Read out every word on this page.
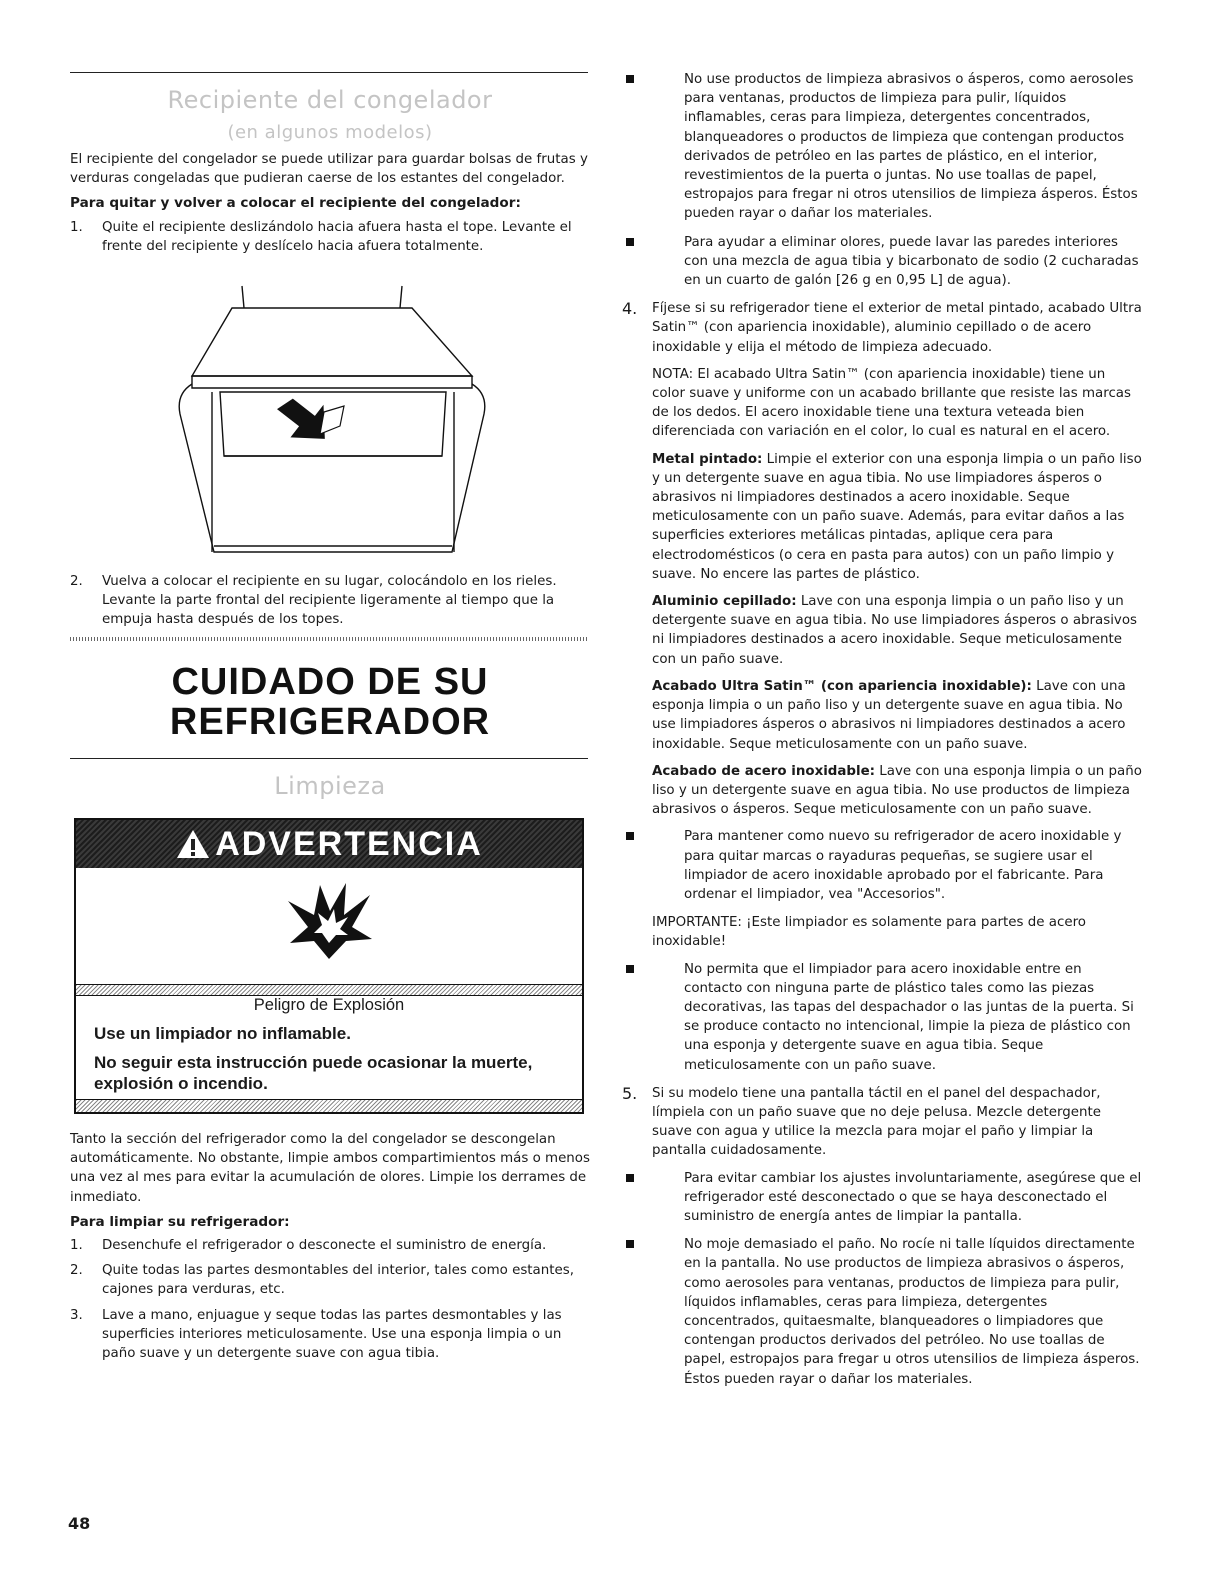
Recipiente del congelador
(en algunos modelos)

El recipiente del congelador se puede utilizar para guardar bolsas de frutas y verduras congeladas que pudieran caerse de los estantes del congelador.

Para quitar y volver a colocar el recipiente del congelador:

1. Quite el recipiente deslizándolo hacia afuera hasta el tope. Levante el frente del recipiente y deslícelo hacia afuera totalmente.
2. Vuelva a colocar el recipiente en su lugar, colocándolo en los rieles. Levante la parte frontal del recipiente ligeramente al tiempo que la empuja hasta después de los topes.
CUIDADO DE SU
REFRIGERADOR
Limpieza
ADVERTENCIA

Peligro de Explosión

Use un limpiador no inflamable.

No seguir esta instrucción puede ocasionar la muerte, explosión o incendio.

Tanto la sección del refrigerador como la del congelador se descongelan automáticamente. No obstante, limpie ambos compartimientos más o menos una vez al mes para evitar la acumulación de olores. Limpie los derrames de inmediato.

Para limpiar su refrigerador:

1. Desenchufe el refrigerador o desconecte el suministro de energía.
2. Quite todas las partes desmontables del interior, tales como estantes, cajones para verduras, etc.
3. Lave a mano, enjuague y seque todas las partes desmontables y las superficies interiores meticulosamente. Use una esponja limpia o un paño suave y un detergente suave con agua tibia.
48
No use productos de limpieza abrasivos o ásperos, como aerosoles para ventanas, productos de limpieza para pulir, líquidos inflamables, ceras para limpieza, detergentes concentrados, blanqueadores o productos de limpieza que contengan productos derivados de petróleo en las partes de plástico, en el interior, revestimientos de la puerta o juntas. No use toallas de papel, estropajos para fregar ni otros utensilios de limpieza ásperos. Éstos pueden rayar o dañar los materiales.
Para ayudar a eliminar olores, puede lavar las paredes interiores con una mezcla de agua tibia y bicarbonato de sodio (2 cucharadas en un cuarto de galón [26 g en 0,95 L] de agua).
4. Fíjese si su refrigerador tiene el exterior de metal pintado, acabado Ultra Satin™ (con apariencia inoxidable), aluminio cepillado o de acero inoxidable y elija el método de limpieza adecuado.

NOTA: El acabado Ultra Satin™ (con apariencia inoxidable) tiene un color suave y uniforme con un acabado brillante que resiste las marcas de los dedos. El acero inoxidable tiene una textura veteada bien diferenciada con variación en el color, lo cual es natural en el acero.

Metal pintado: Limpie el exterior con una esponja limpia o un paño liso y un detergente suave en agua tibia. No use limpiadores ásperos o abrasivos ni limpiadores destinados a acero inoxidable. Seque meticulosamente con un paño suave. Además, para evitar daños a las superficies exteriores metálicas pintadas, aplique cera para electrodomésticos (o cera en pasta para autos) con un paño limpio y suave. No encere las partes de plástico.

Aluminio cepillado: Lave con una esponja limpia o un paño liso y un detergente suave en agua tibia. No use limpiadores ásperos o abrasivos ni limpiadores destinados a acero inoxidable. Seque meticulosamente con un paño suave.

Acabado Ultra Satin™ (con apariencia inoxidable): Lave con una esponja limpia o un paño liso y un detergente suave en agua tibia. No use limpiadores ásperos o abrasivos ni limpiadores destinados a acero inoxidable. Seque meticulosamente con un paño suave.

Acabado de acero inoxidable: Lave con una esponja limpia o un paño liso y un detergente suave en agua tibia. No use productos de limpieza abrasivos o ásperos. Seque meticulosamente con un paño suave.

Para mantener como nuevo su refrigerador de acero inoxidable y para quitar marcas o rayaduras pequeñas, se sugiere usar el limpiador de acero inoxidable aprobado por el fabricante. Para ordenar el limpiador, vea "Accesorios".

IMPORTANTE: ¡Este limpiador es solamente para partes de acero inoxidable!

No permita que el limpiador para acero inoxidable entre en contacto con ninguna parte de plástico tales como las piezas decorativas, las tapas del despachador o las juntas de la puerta. Si se produce contacto no intencional, limpie la pieza de plástico con una esponja y detergente suave en agua tibia. Seque meticulosamente con un paño suave.
5. Si su modelo tiene una pantalla táctil en el panel del despachador, límpiela con un paño suave que no deje pelusa. Mezcle detergente suave con agua y utilice la mezcla para mojar el paño y limpiar la pantalla cuidadosamente.

Para evitar cambiar los ajustes involuntariamente, asegúrese que el refrigerador esté desconectado o que se haya desconectado el suministro de energía antes de limpiar la pantalla.
No moje demasiado el paño. No rocíe ni talle líquidos directamente en la pantalla. No use productos de limpieza abrasivos o ásperos, como aerosoles para ventanas, productos de limpieza para pulir, líquidos inflamables, ceras para limpieza, detergentes concentrados, quitaesmalte, blanqueadores o limpiadores que contengan productos derivados del petróleo. No use toallas de papel, estropajos para fregar u otros utensilios de limpieza ásperos. Éstos pueden rayar o dañar los materiales.
